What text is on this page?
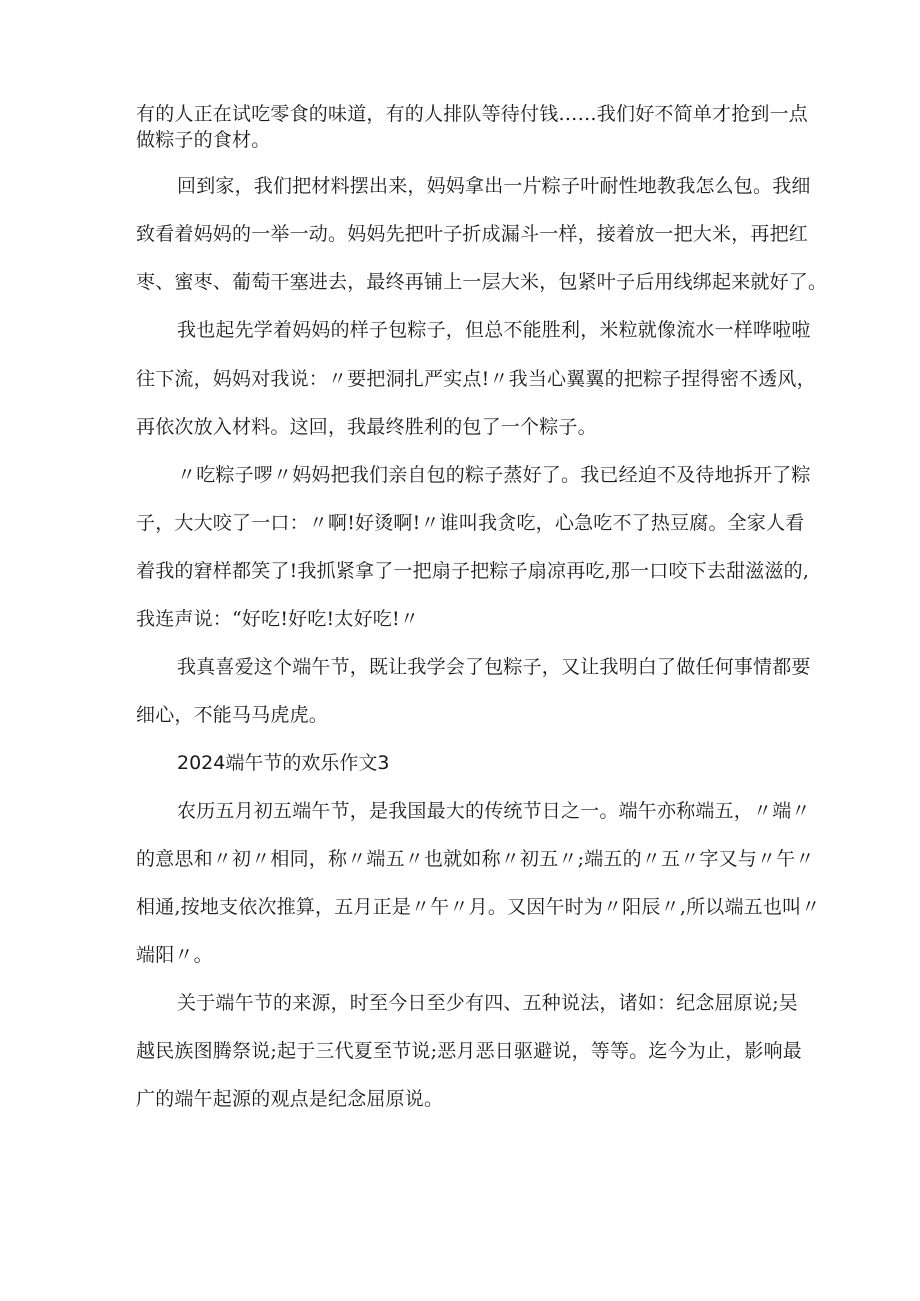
有的人正在试吃零食的味道，有的人排队等待付钱……我们好不简单才抢到一点
做粽子的食材。
回到家，我们把材料摆出来，妈妈拿出一片粽子叶耐性地教我怎么包。我细
致看着妈妈的一举一动。妈妈先把叶子折成漏斗一样，接着放一把大米，再把红
枣、蜜枣、葡萄干塞进去，最终再铺上一层大米，包紧叶子后用线绑起来就好了。
我也起先学着妈妈的样子包粽子，但总不能胜利，米粒就像流水一样哗啦啦
往下流，妈妈对我说：〃要把洞扎严实点!〃我当心翼翼的把粽子捏得密不透风，
再依次放入材料。这回，我最终胜利的包了一个粽子。
〃吃粽子啰〃妈妈把我们亲自包的粽子蒸好了。我已经迫不及待地拆开了粽
子，大大咬了一口：〃啊!好烫啊!〃谁叫我贪吃，心急吃不了热豆腐。全家人看
着我的窘样都笑了!我抓紧拿了一把扇子把粽子扇凉再吃,那一口咬下去甜滋滋的,
我连声说：“好吃!好吃!太好吃!〃
我真喜爱这个端午节，既让我学会了包粽子，又让我明白了做任何事情都要
细心，不能马马虎虎。
2024端午节的欢乐作文3
农历五月初五端午节，是我国最大的传统节日之一。端午亦称端五，〃端〃
的意思和〃初〃相同，称〃端五〃也就如称〃初五〃;端五的〃五〃字又与〃午〃
相通,按地支依次推算，五月正是〃午〃月。又因午时为〃阳辰〃,所以端五也叫〃
端阳〃。
关于端午节的来源，时至今日至少有四、五种说法，诸如：纪念屈原说;吴
越民族图腾祭说;起于三代夏至节说;恶月恶日驱避说，等等。迄今为止，影响最
广的端午起源的观点是纪念屈原说。
